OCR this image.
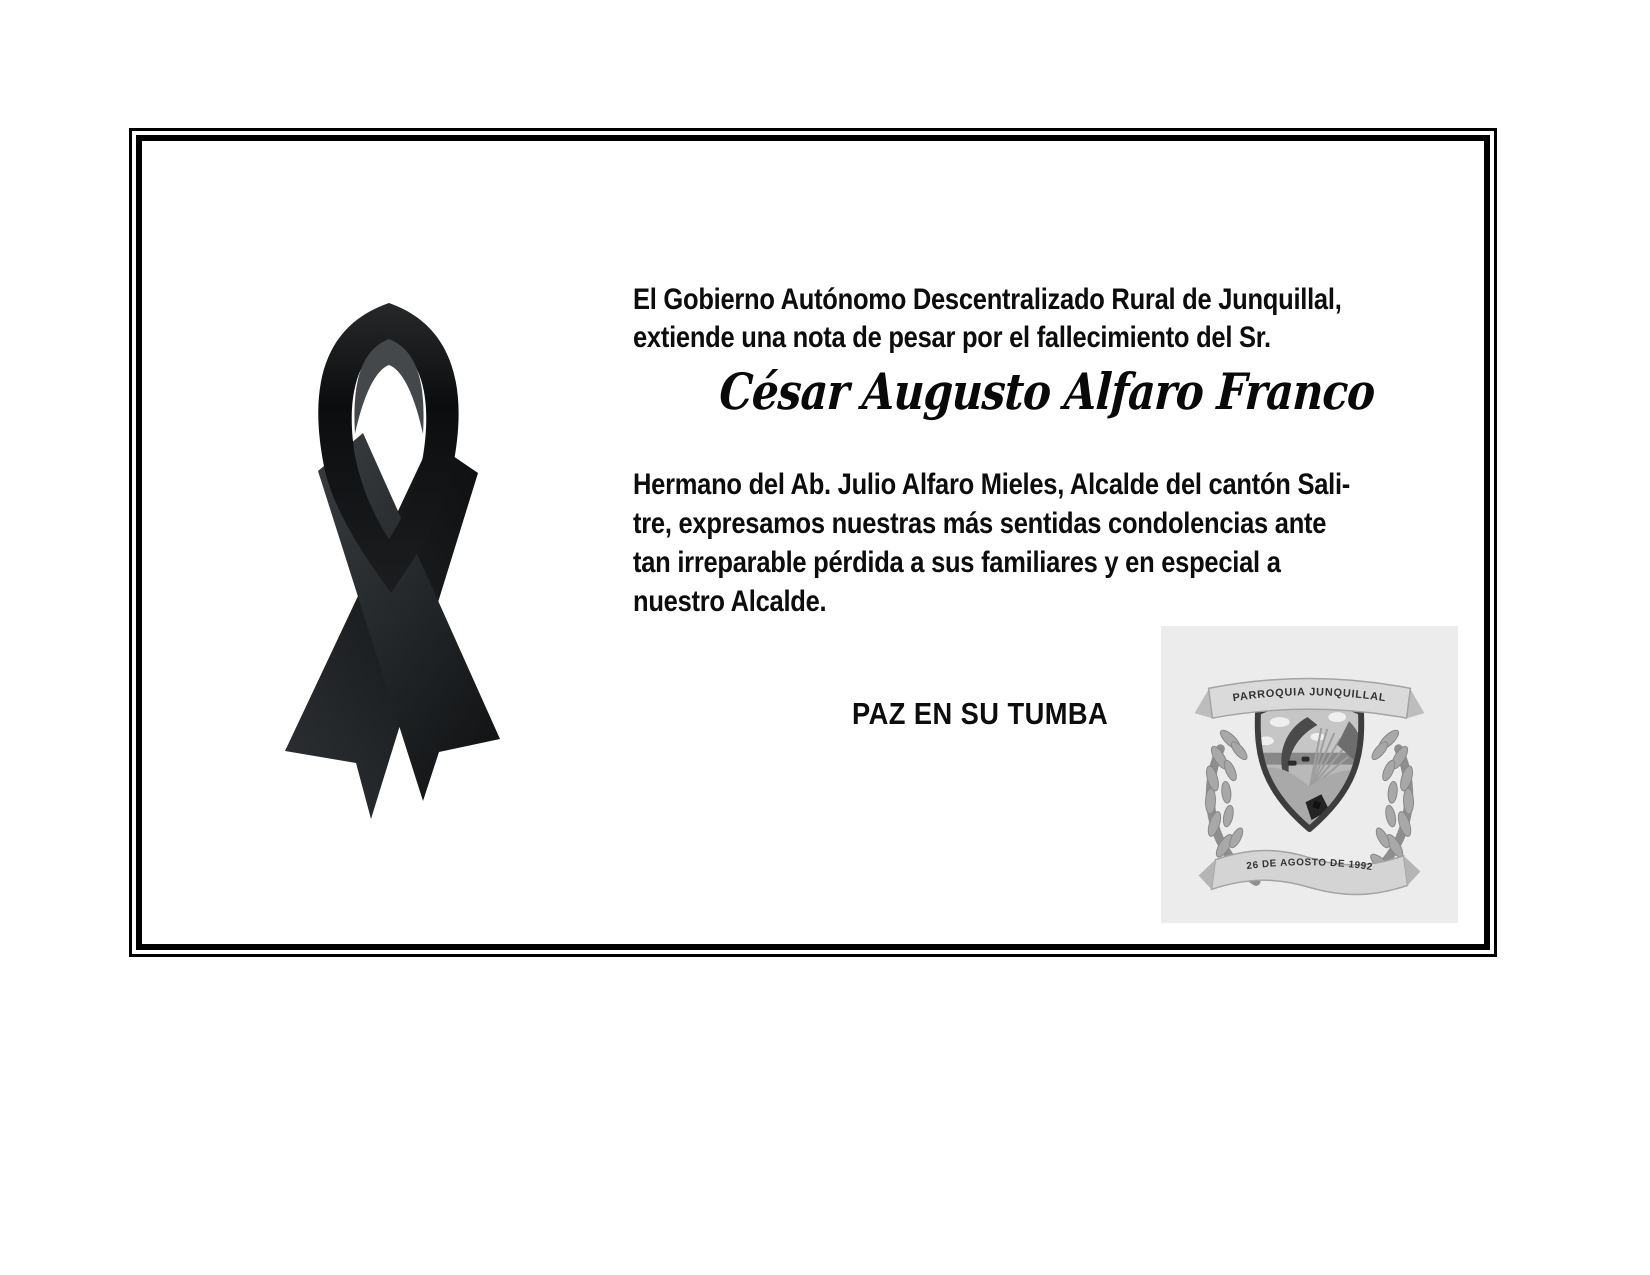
El Gobierno Autónomo Descentralizado Rural de Junquillal,
extiende una nota de pesar por el fallecimiento del Sr.
César Augusto Alfaro Franco
Hermano del Ab. Julio Alfaro Mieles, Alcalde del cantón Sali-
tre, expresamos nuestras más sentidas condolencias ante
tan irreparable pérdida a sus familiares y en especial a
nuestro Alcalde.
PAZ EN SU TUMBA	PARROQUIA JUNQUILLAL
26 DE AGOSTO DE 1992
